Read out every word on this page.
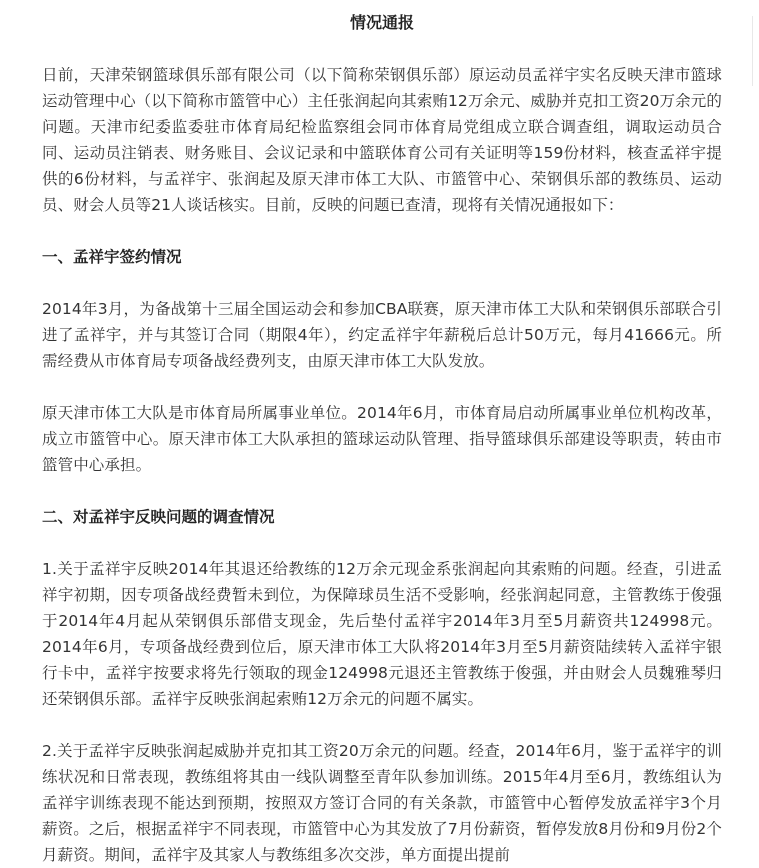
情况通报

日前，天津荣钢篮球俱乐部有限公司（以下简称荣钢俱乐部）原运动员孟祥宇实名反映天津市篮球运动管理中心（以下简称市篮管中心）主任张润起向其索贿12万余元、威胁并克扣工资20万余元的问题。天津市纪委监委驻市体育局纪检监察组会同市体育局党组成立联合调查组，调取运动员合同、运动员注销表、财务账目、会议记录和中篮联体育公司有关证明等159份材料，核查孟祥宇提供的6份材料，与孟祥宇、张润起及原天津市体工大队、市篮管中心、荣钢俱乐部的教练员、运动员、财会人员等21人谈话核实。目前，反映的问题已查清，现将有关情况通报如下：

一、孟祥宇签约情况

2014年3月，为备战第十三届全国运动会和参加CBA联赛，原天津市体工大队和荣钢俱乐部联合引进了孟祥宇，并与其签订合同（期限4年），约定孟祥宇年薪税后总计50万元，每月41666元。所需经费从市体育局专项备战经费列支，由原天津市体工大队发放。

原天津市体工大队是市体育局所属事业单位。2014年6月，市体育局启动所属事业单位机构改革，成立市篮管中心。原天津市体工大队承担的篮球运动队管理、指导篮球俱乐部建设等职责，转由市篮管中心承担。

二、对孟祥宇反映问题的调查情况

1.关于孟祥宇反映2014年其退还给教练的12万余元现金系张润起向其索贿的问题。经查，引进孟祥宇初期，因专项备战经费暂未到位，为保障球员生活不受影响，经张润起同意，主管教练于俊强于2014年4月起从荣钢俱乐部借支现金，先后垫付孟祥宇2014年3月至5月薪资共124998元。2014年6月，专项备战经费到位后，原天津市体工大队将2014年3月至5月薪资陆续转入孟祥宇银行卡中，孟祥宇按要求将先行领取的现金124998元退还主管教练于俊强，并由财会人员魏雅琴归还荣钢俱乐部。孟祥宇反映张润起索贿12万余元的问题不属实。

2.关于孟祥宇反映张润起威胁并克扣其工资20万余元的问题。经查，2014年6月，鉴于孟祥宇的训练状况和日常表现，教练组将其由一线队调整至青年队参加训练。2015年4月至6月，教练组认为孟祥宇训练表现不能达到预期，按照双方签订合同的有关条款，市篮管中心暂停发放孟祥宇3个月薪资。之后，根据孟祥宇不同表现，市篮管中心为其发放了7月份薪资，暂停发放8月份和9月份2个月薪资。期间，孟祥宇及其家人与教练组多次交涉，单方面提出提前
